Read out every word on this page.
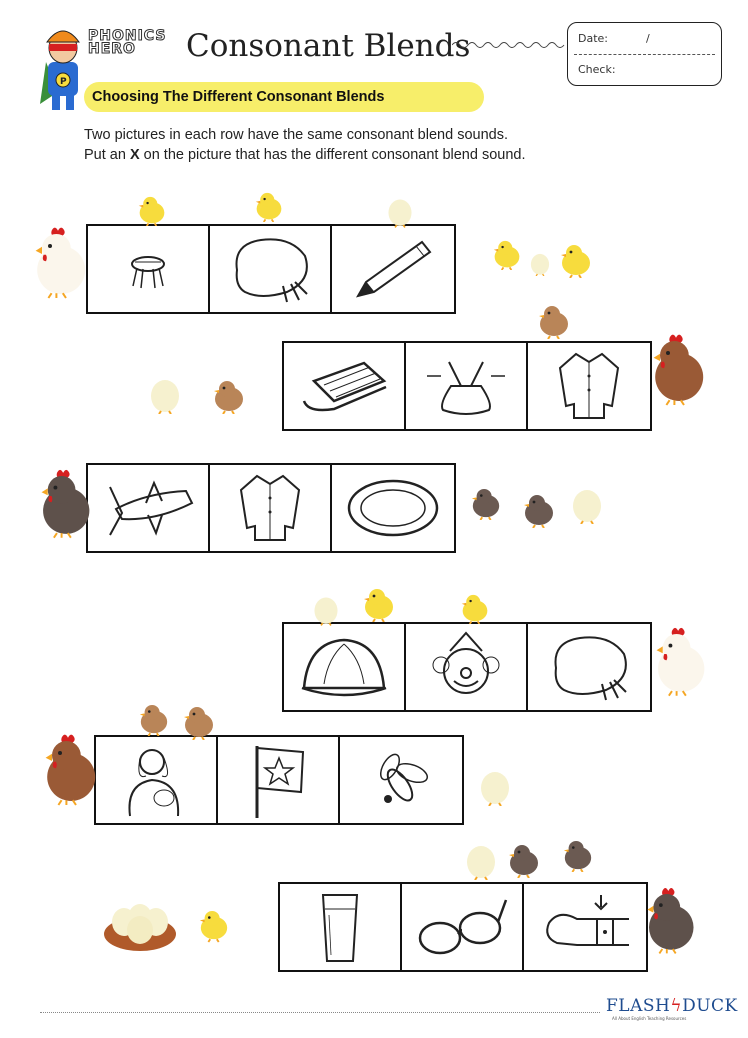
P
PHONICS
HERO	Consonant Blends	Date:	/
Check:
Choosing The Different Consonant Blends
Two pictures in each row have the same consonant blend sounds.
Put an X on the picture that has the different consonant blend sound.
FLASHϟDUCK
All About English Teaching Resources
